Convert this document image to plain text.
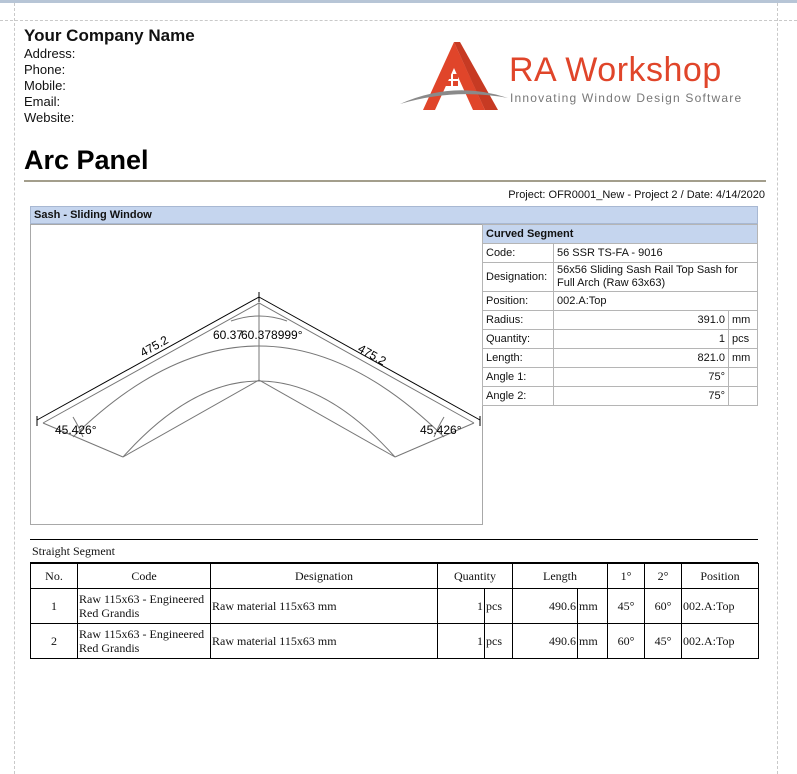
Your Company Name
Address:
Phone:
Mobile:
Email:
Website:
RA Workshop
Innovating Window Design Software
Arc Panel
Project: OFR0001_New - Project 2 / Date: 4/14/2020
Sash - Sliding Window
475.2	475.2
60.37
60.378999°
45.426°	45.426°
Curved Segment		
Code:	56 SSR TS-FA - 9016	
Designation:	56x56 Sliding Sash Rail Top Sash for Full Arch (Raw 63x63)	
Position:	002.A:Top	
Radius:	391.0	mm
Quantity:	1	pcs
Length:	821.0	mm
Angle 1:	75°	
Angle 2:	75°	
Straight Segment
No.	Code	Designation	Quantity		Length		1°	2°	Position
1	Raw 115x63 - Engineered Red Grandis	Raw material 115x63 mm	1	pcs	490.6	mm	45°	60°	002.A:Top
2	Raw 115x63 - Engineered Red Grandis	Raw material 115x63 mm	1	pcs	490.6	mm	60°	45°	002.A:Top
